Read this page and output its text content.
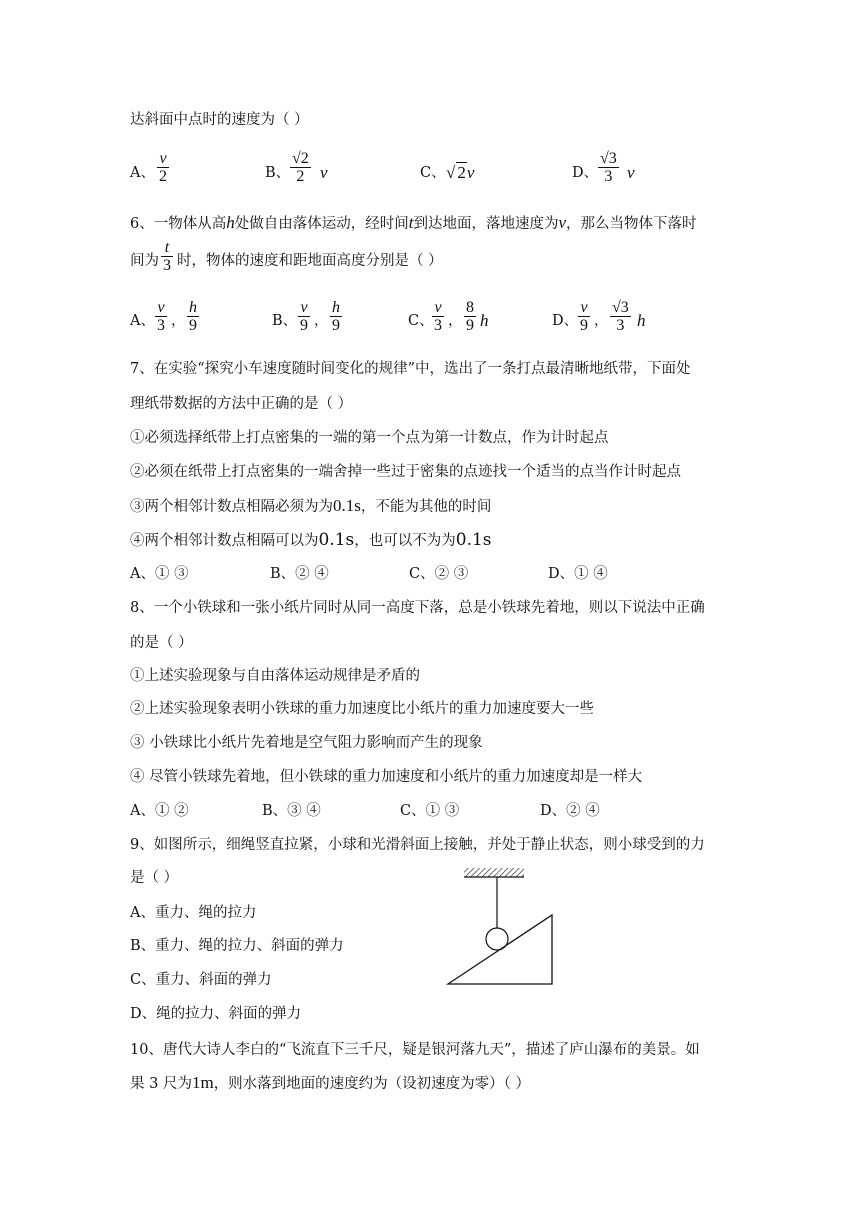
达斜面中点时的速度为（ ）
A、
v
2	B、
√2
2 v	C、 √ 2v	D、
√3
3 v
6、一物体从高h处做自由落体运动，经时间t到达地面，落地速度为v，那么当物体下落时
间为
t
3 时，物体的速度和距地面高度分别是（ ）
A、
v
3 ，
h
9	B、
v
9 ，
h
9	C、
v
3 ，
8
9 h	D、
v
9 ，
√3
3 h
7、在实验“探究小车速度随时间变化的规律”中，选出了一条打点最清晰地纸带，下面处
理纸带数据的方法中正确的是（ ）
①必须选择纸带上打点密集的一端的第一个点为第一计数点，作为计时起点
②必须在纸带上打点密集的一端舍掉一些过于密集的点迹找一个适当的点当作计时起点
③两个相邻计数点相隔必须为为0.1s，不能为其他的时间
④两个相邻计数点相隔可以为0.1s，也可以不为为0.1s
A、① ③	B、② ④	C、② ③	D、① ④
8、一个小铁球和一张小纸片同时从同一高度下落，总是小铁球先着地，则以下说法中正确
的是（ ）
①上述实验现象与自由落体运动规律是矛盾的
②上述实验现象表明小铁球的重力加速度比小纸片的重力加速度要大一些
③ 小铁球比小纸片先着地是空气阻力影响而产生的现象
④ 尽管小铁球先着地，但小铁球的重力加速度和小纸片的重力加速度却是一样大
A、① ②	B、③ ④	C、① ③	D、② ④
9、如图所示，细绳竖直拉紧，小球和光滑斜面上接触，并处于静止状态，则小球受到的力
是（ ）
A、重力、绳的拉力
B、重力、绳的拉力、斜面的弹力
C、重力、斜面的弹力
D、绳的拉力、斜面的弹力
10、唐代大诗人李白的“飞流直下三千尺，疑是银河落九天”，描述了庐山瀑布的美景。如
果 3 尺为1m，则水落到地面的速度约为（设初速度为零）（ ）
